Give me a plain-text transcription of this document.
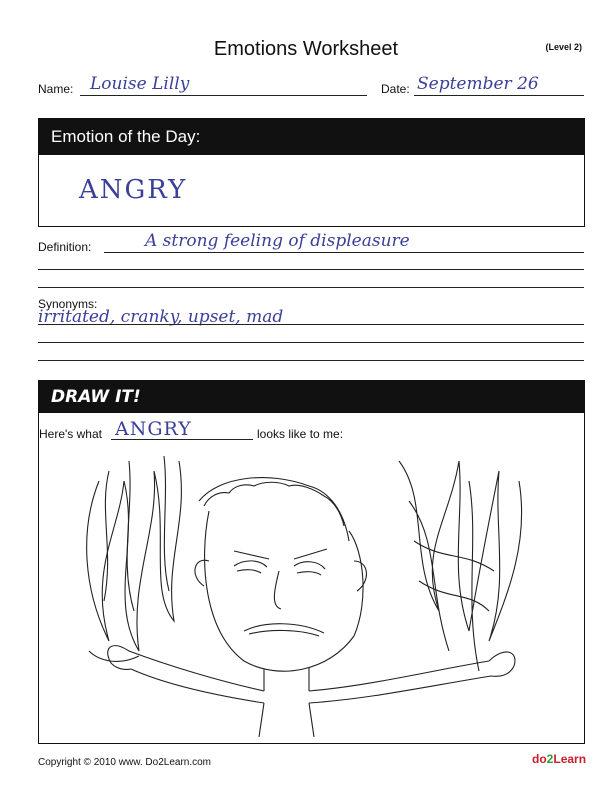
Emotions Worksheet	(Level 2)
Name: Louise Lilly	Date: September 26
Emotion of the Day:
ANGRY
Definition:	A strong feeling of displeasure
Synonyms:
irritated, cranky, upset, mad
DRAW IT!
Here's what ANGRY	looks like to me:
Copyright © 2010 www. Do2Learn.com	do2Learn
